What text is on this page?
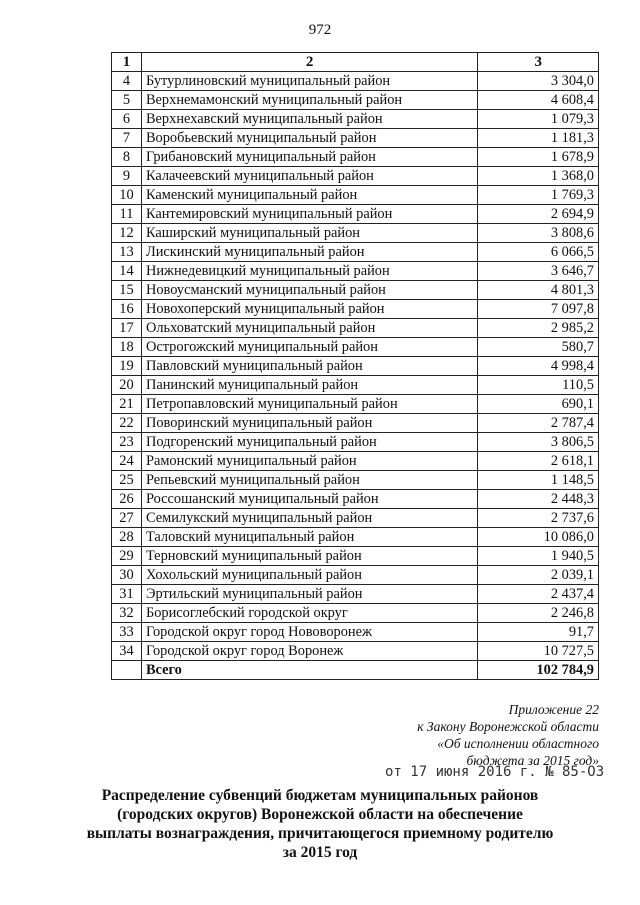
972
1	2	3
4	Бутурлиновский муниципальный район	3 304,0
5	Верхнемамонский муниципальный район	4 608,4
6	Верхнехавский муниципальный район	1 079,3
7	Воробьевский муниципальный район	1 181,3
8	Грибановский муниципальный район	1 678,9
9	Калачеевский муниципальный район	1 368,0
10	Каменский муниципальный район	1 769,3
11	Кантемировский муниципальный район	2 694,9
12	Каширский муниципальный район	3 808,6
13	Лискинский муниципальный район	6 066,5
14	Нижнедевицкий муниципальный район	3 646,7
15	Новоусманский муниципальный район	4 801,3
16	Новохоперский муниципальный район	7 097,8
17	Ольховатский муниципальный район	2 985,2
18	Острогожский муниципальный район	580,7
19	Павловский муниципальный район	4 998,4
20	Панинский муниципальный район	110,5
21	Петропавловский муниципальный район	690,1
22	Поворинский муниципальный район	2 787,4
23	Подгоренский муниципальный район	3 806,5
24	Рамонский муниципальный район	2 618,1
25	Репьевский муниципальный район	1 148,5
26	Россошанский муниципальный район	2 448,3
27	Семилукский муниципальный район	2 737,6
28	Таловский муниципальный район	10 086,0
29	Терновский муниципальный район	1 940,5
30	Хохольский муниципальный район	2 039,1
31	Эртильский муниципальный район	2 437,4
32	Борисоглебский городской округ	2 246,8
33	Городской округ город Нововоронеж	91,7
34	Городской округ город Воронеж	10 727,5
	Всего	102 784,9
Приложение 22
к Закону Воронежской области
«Об исполнении областного
бюджета за 2015 год»
от 17 июня 2016 г. № 85-ОЗ
Распределение субвенций бюджетам муниципальных районов
(городских округов) Воронежской области на обеспечение
выплаты вознаграждения, причитающегося приемному родителю
за 2015 год
